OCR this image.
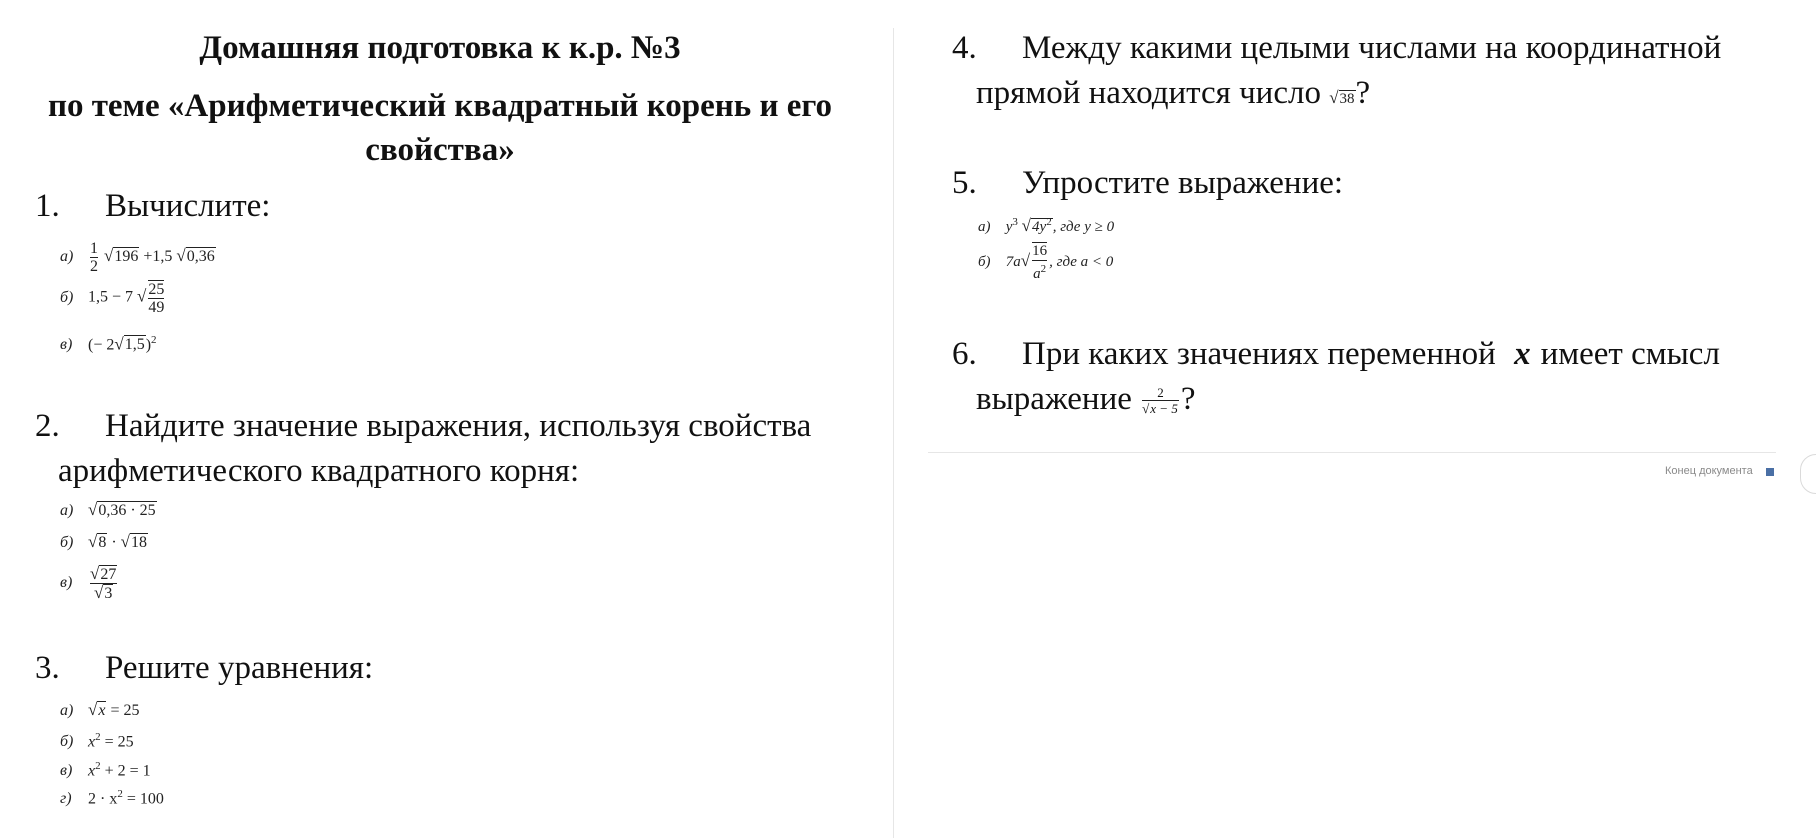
Домашняя подготовка к к.р. №3
по теме «Арифметический квадратный корень и его
свойства»
1. Вычислите:
$а) \frac{1}{2} √196 +1,5$ √0,36
б) 1,5 − 7 √ $\frac{25}{49}$
в) (− 2√1,5)$^2$
2. Найдите значение выражения, используя свойства
арифметического квадратного корня:
а) √0,36 · 25
б) √8 · √18
$в) \frac{√27}{√3}$
3. Решите уравнения:
а) √x = 25
б) $x^2 = 25$
в) $x^2 + 2 = 1$
г) $2 \cdot x^2 = 100$
4. Между какими целыми числами на координатной
прямой находится число √38?
5. Упростите выражение:
а) $y^3$ $√4y^2$, где y ≥ 0
б) $7a√ \frac{16}{a^2}$ , где a < 0
6. При каких значениях переменной x имеет смысл
выражение $\frac{2}{√x - 5}$ ?
Конец документа
